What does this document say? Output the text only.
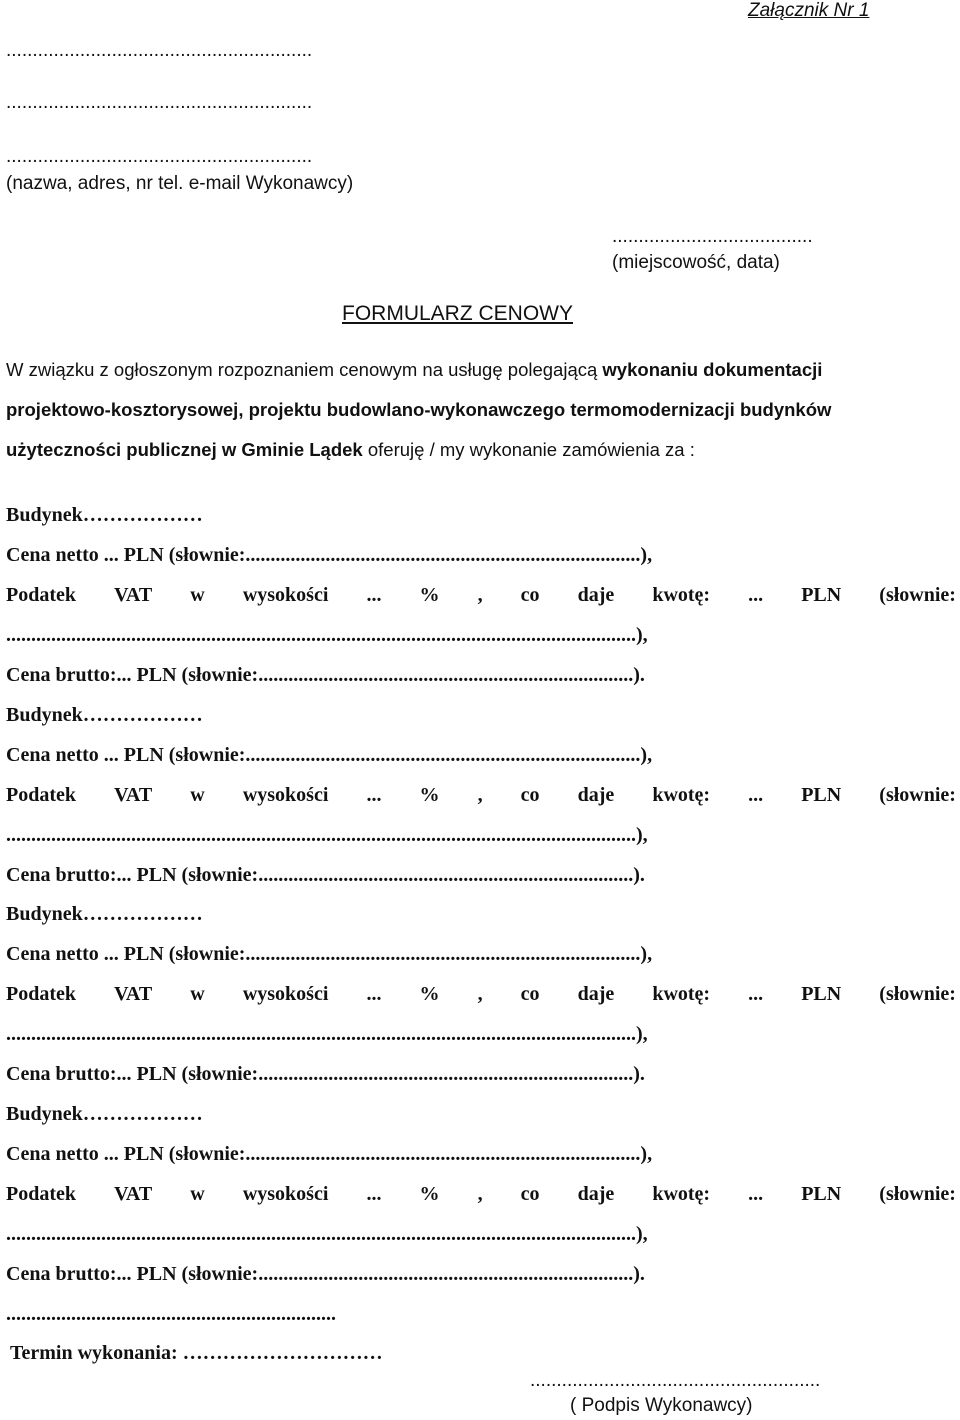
Załącznik Nr 1
..........................................................
..........................................................
..........................................................
(nazwa, adres, nr tel. e-mail Wykonawcy)
......................................
(miejscowość, data)
FORMULARZ CENOWY
W związku z ogłoszonym rozpoznaniem cenowym na usługę polegającą wykonaniu dokumentacji
projektowo-kosztorysowej, projektu budowlano-wykonawczego termomodernizacji budynków
użyteczności publicznej w Gminie Lądek oferuję / my wykonanie zamówienia za :
Budynek………………
Cena netto ... PLN (słownie:...............................................................................),
Podatek VAT w wysokości ... % , co daje kwotę: ... PLN (słownie:
..............................................................................................................................),
Cena brutto:... PLN (słownie:...........................................................................).
Budynek………………
Cena netto ... PLN (słownie:...............................................................................),
Podatek VAT w wysokości ... % , co daje kwotę: ... PLN (słownie:
..............................................................................................................................),
Cena brutto:... PLN (słownie:...........................................................................).
Budynek………………
Cena netto ... PLN (słownie:...............................................................................),
Podatek VAT w wysokości ... % , co daje kwotę: ... PLN (słownie:
..............................................................................................................................),
Cena brutto:... PLN (słownie:...........................................................................).
Budynek………………
Cena netto ... PLN (słownie:...............................................................................),
Podatek VAT w wysokości ... % , co daje kwotę: ... PLN (słownie:
..............................................................................................................................),
Cena brutto:... PLN (słownie:...........................................................................).
..................................................................
Termin wykonania: …………………………
.......................................................
( Podpis Wykonawcy)
